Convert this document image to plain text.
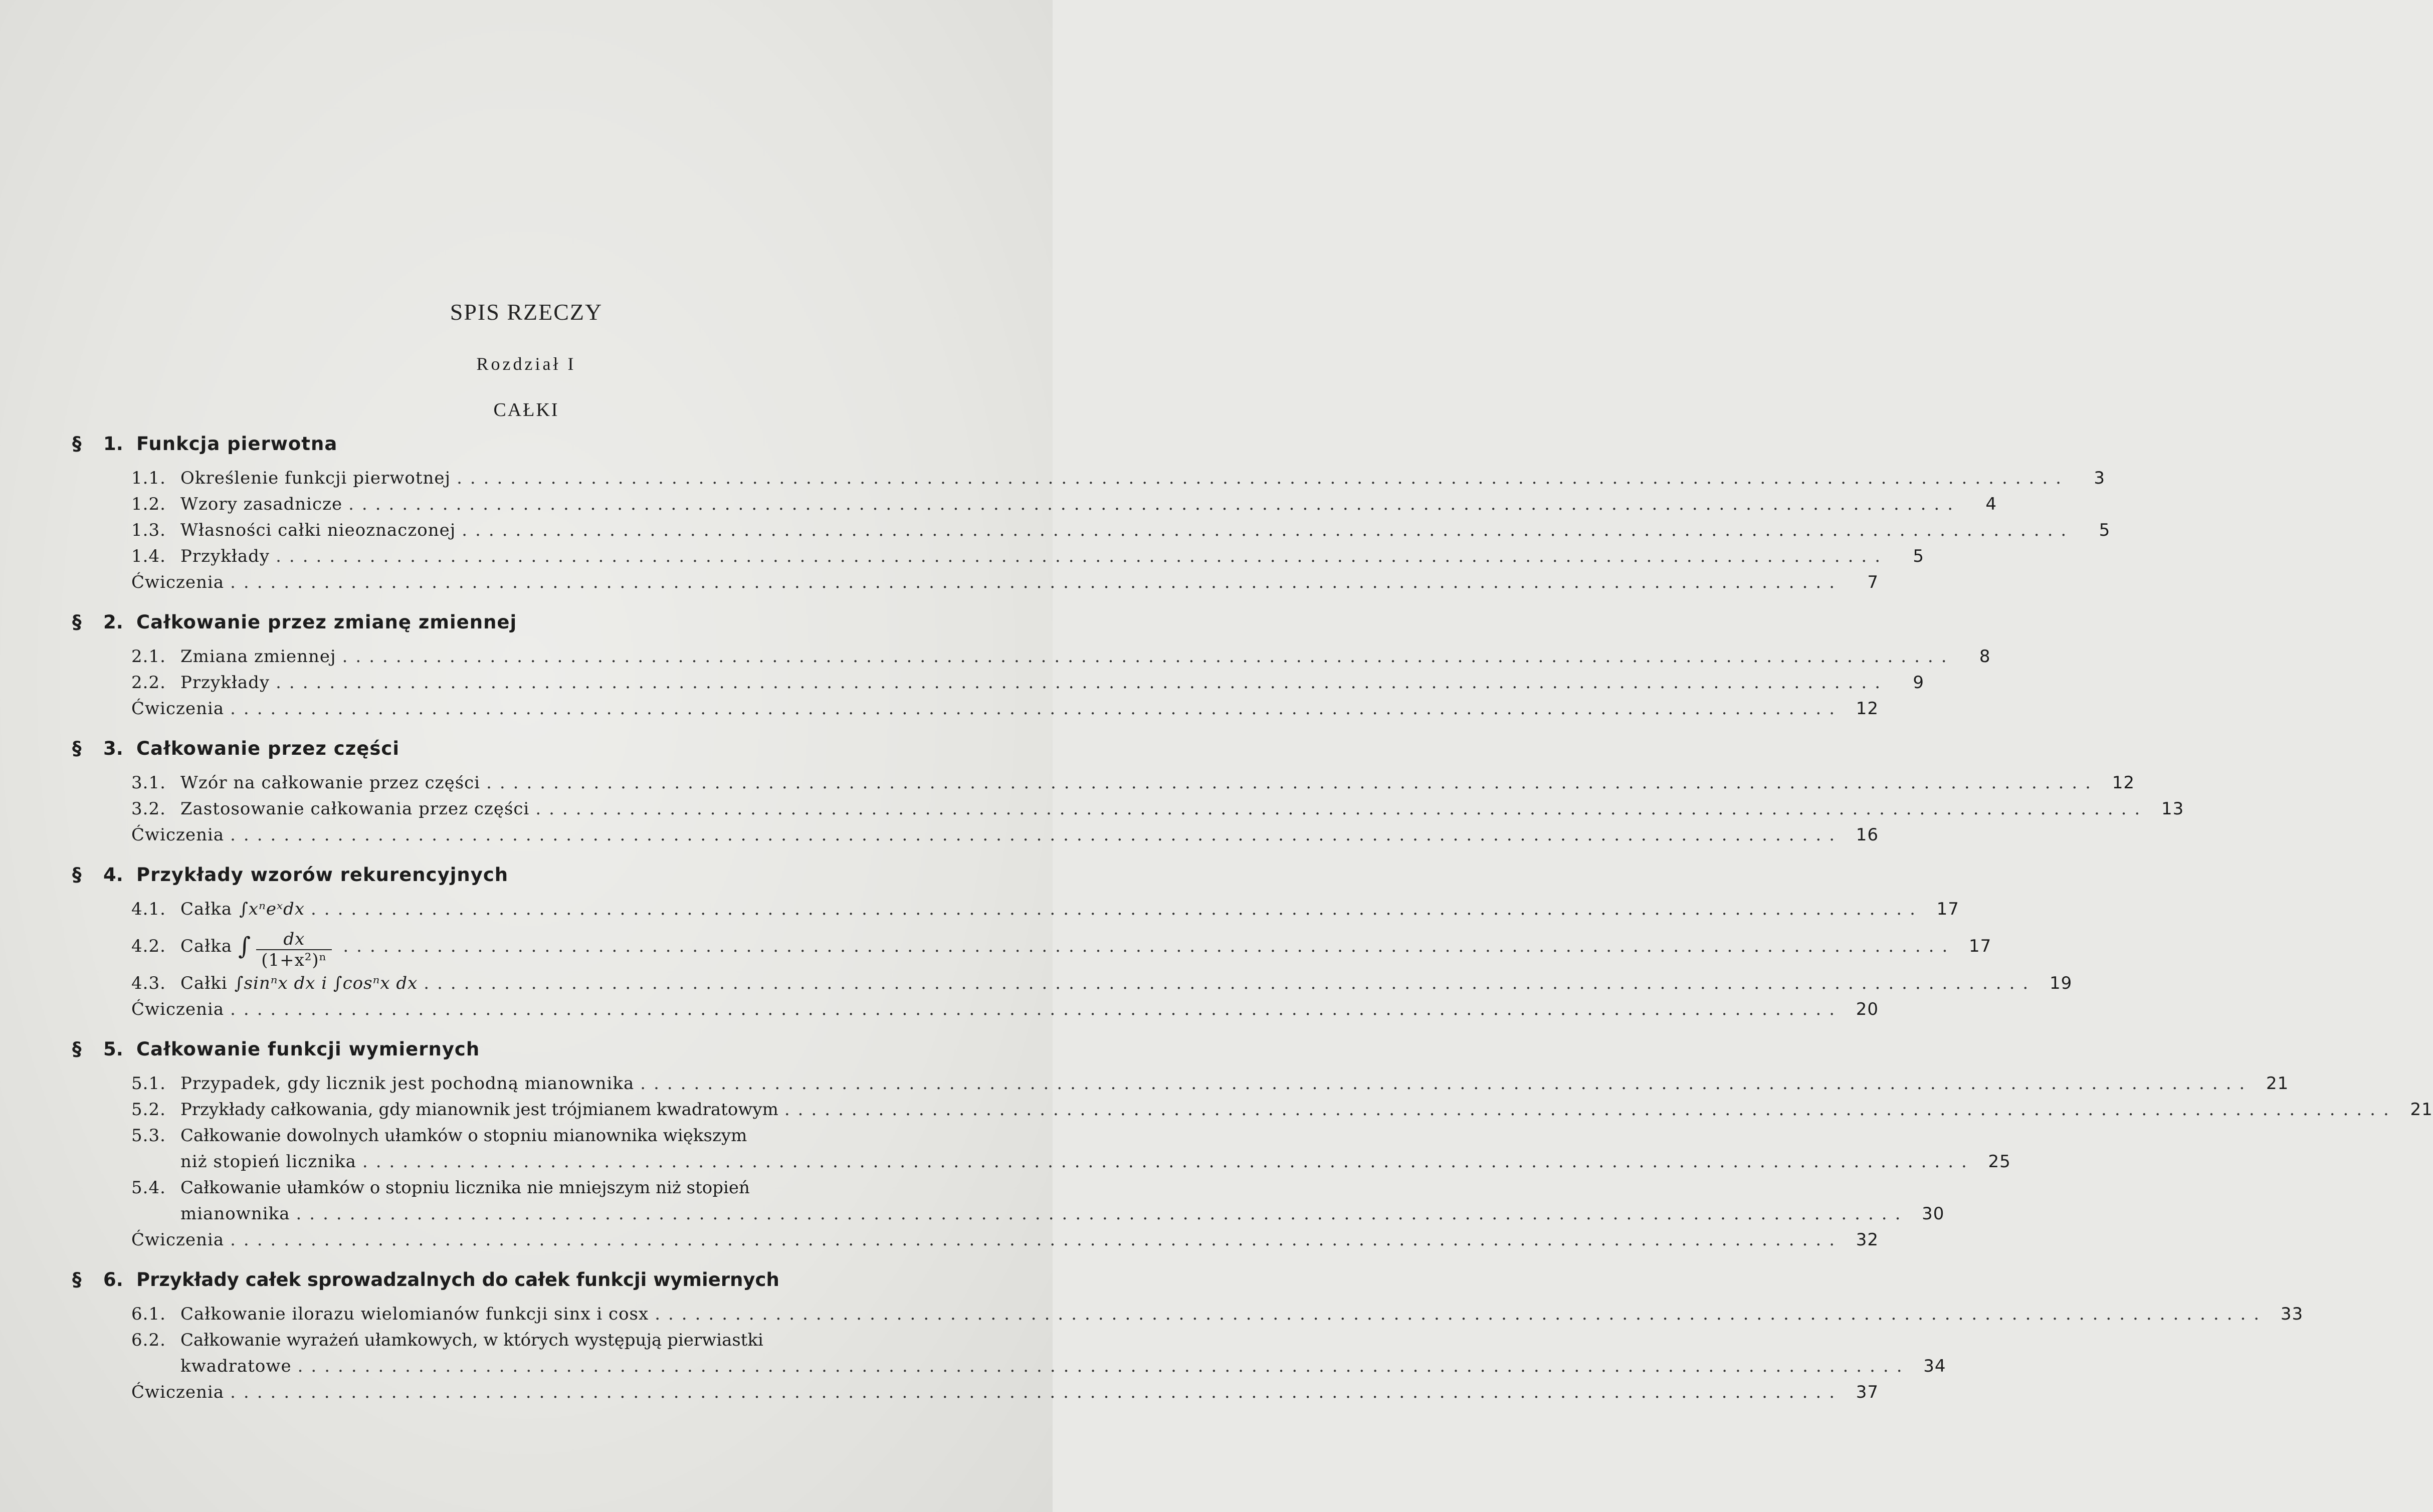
SPIS RZECZY
Rozdział I
CAŁKI
§ 1. Funkcja pierwotna
1.1. Określenie funkcji pierwotnej ........................................................................................................................	3
1.2. Wzory zasadnicze ........................................................................................................................	4
1.3. Własności całki nieoznaczonej ........................................................................................................................	5
1.4. Przykłady ........................................................................................................................	5
Ćwiczenia ........................................................................................................................	7
§ 2. Całkowanie przez zmianę zmiennej
2.1. Zmiana zmiennej ........................................................................................................................	8
2.2. Przykłady ........................................................................................................................	9
Ćwiczenia ........................................................................................................................ 12
§ 3. Całkowanie przez części
3.1. Wzór na całkowanie przez części ........................................................................................................................ 12
3.2. Zastosowanie całkowania przez części ........................................................................................................................ 13
Ćwiczenia ........................................................................................................................ 16
§ 4. Przykłady wzorów rekurencyjnych
4.1. Całka ∫xⁿeˣdx ........................................................................................................................ 17
4.2. Całka ∫ $\frac{dx}{\text{(1+x²)ⁿ}}$ ........................................................................................................................ 17
4.3. Całki ∫sinⁿx dx i ∫cosⁿx dx ........................................................................................................................ 19
Ćwiczenia ........................................................................................................................ 20
§ 5. Całkowanie funkcji wymiernych
5.1. Przypadek, gdy licznik jest pochodną mianownika ........................................................................................................................ 21
5.2. Przykłady całkowania, gdy mianownik jest trójmianem kwadratowym ........................................................................................................................ 21
5.3. Całkowanie dowolnych ułamków o stopniu mianownika większym
niż stopień licznika ........................................................................................................................ 25
5.4. Całkowanie ułamków o stopniu licznika nie mniejszym niż stopień
mianownika ........................................................................................................................ 30
Ćwiczenia ........................................................................................................................ 32
§ 6. Przykłady całek sprowadzalnych do całek funkcji wymiernych
6.1. Całkowanie ilorazu wielomianów funkcji sinx i cosx ........................................................................................................................ 33
6.2. Całkowanie wyrażeń ułamkowych, w których występują pierwiastki
kwadratowe ........................................................................................................................ 34
Ćwiczenia ........................................................................................................................ 37
